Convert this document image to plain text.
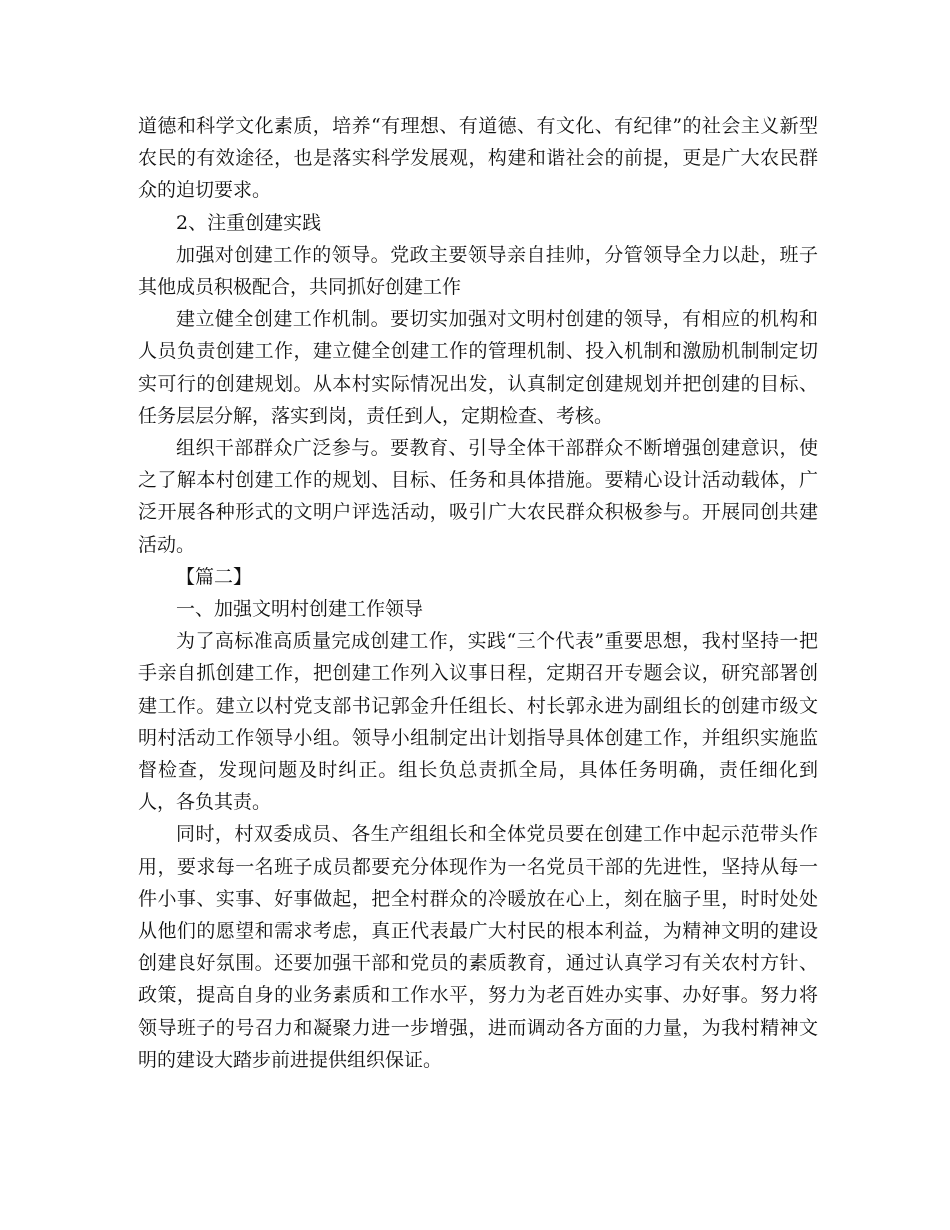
道德和科学文化素质，培养“有理想、有道德、有文化、有纪律”的社会主义新型农民的有效途径，也是落实科学发展观，构建和谐社会的前提，更是广大农民群众的迫切要求。

2、注重创建实践

加强对创建工作的领导。党政主要领导亲自挂帅，分管领导全力以赴，班子其他成员积极配合，共同抓好创建工作

建立健全创建工作机制。要切实加强对文明村创建的领导，有相应的机构和人员负责创建工作，建立健全创建工作的管理机制、投入机制和激励机制制定切实可行的创建规划。从本村实际情况出发，认真制定创建规划并把创建的目标、任务层层分解，落实到岗，责任到人，定期检查、考核。

组织干部群众广泛参与。要教育、引导全体干部群众不断增强创建意识，使之了解本村创建工作的规划、目标、任务和具体措施。要精心设计活动载体，广泛开展各种形式的文明户评选活动，吸引广大农民群众积极参与。开展同创共建活动。

【篇二】

一、加强文明村创建工作领导

为了高标准高质量完成创建工作，实践“三个代表”重要思想，我村坚持一把手亲自抓创建工作，把创建工作列入议事日程，定期召开专题会议，研究部署创建工作。建立以村党支部书记郭金升任组长、村长郭永进为副组长的创建市级文明村活动工作领导小组。领导小组制定出计划指导具体创建工作，并组织实施监督检查，发现问题及时纠正。组长负总责抓全局，具体任务明确，责任细化到人，各负其责。

同时，村双委成员、各生产组组长和全体党员要在创建工作中起示范带头作用，要求每一名班子成员都要充分体现作为一名党员干部的先进性，坚持从每一件小事、实事、好事做起，把全村群众的冷暖放在心上，刻在脑子里，时时处处从他们的愿望和需求考虑，真正代表最广大村民的根本利益，为精神文明的建设创建良好氛围。还要加强干部和党员的素质教育，通过认真学习有关农村方针、政策，提高自身的业务素质和工作水平，努力为老百姓办实事、办好事。努力将领导班子的号召力和凝聚力进一步增强，进而调动各方面的力量，为我村精神文明的建设大踏步前进提供组织保证。
